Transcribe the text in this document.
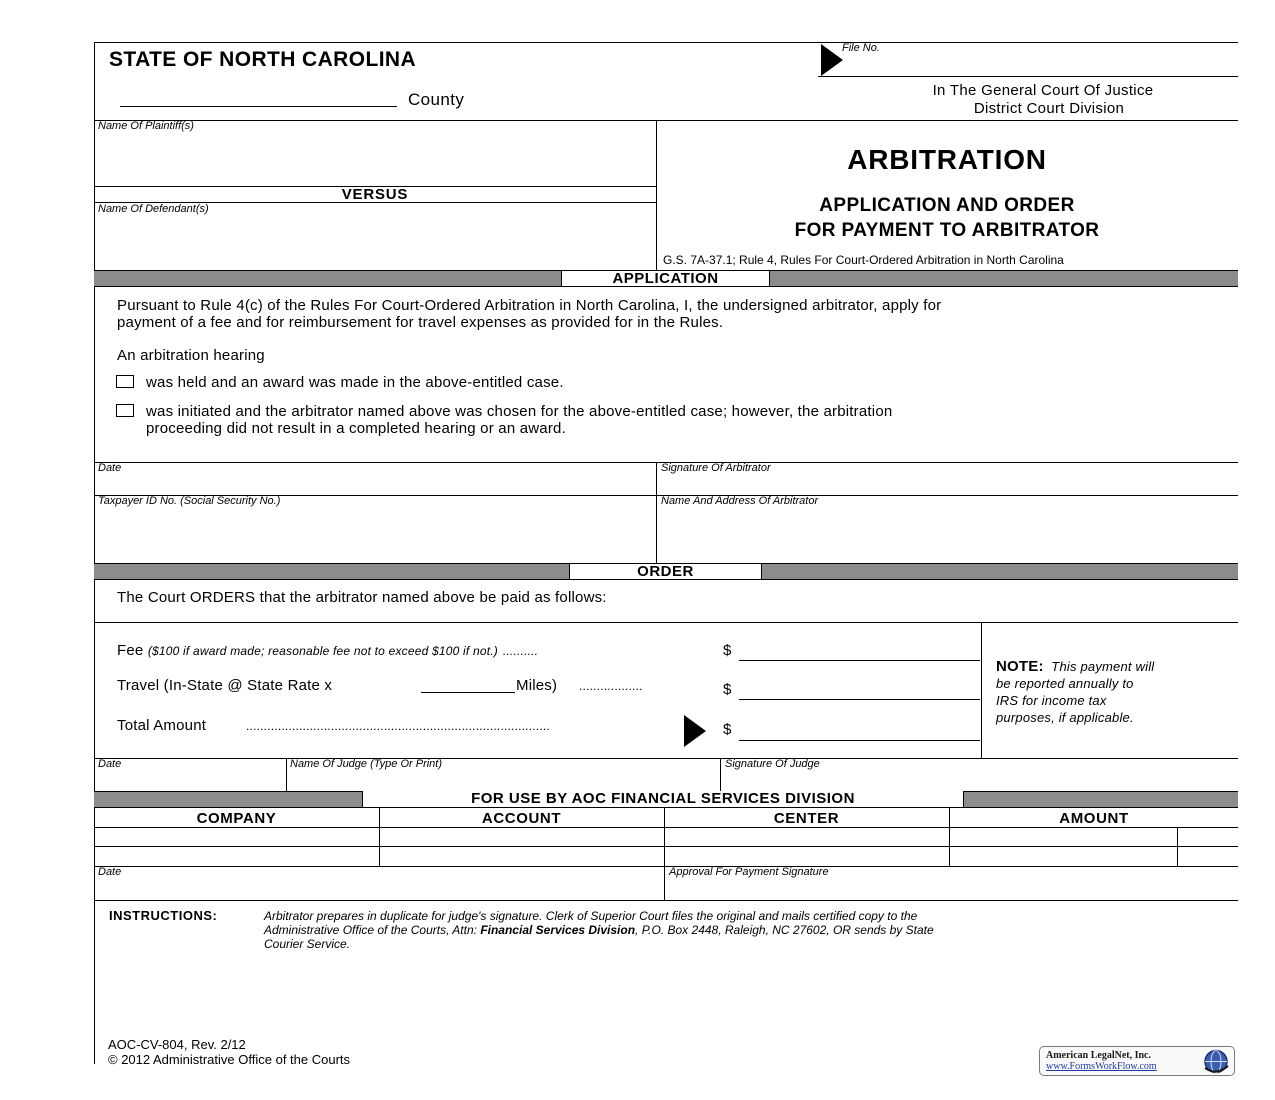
STATE OF NORTH CAROLINA
County
File No.
In The General Court Of Justice
District Court Division
Name Of Plaintiff(s)
VERSUS
Name Of Defendant(s)
ARBITRATION
APPLICATION AND ORDER
FOR PAYMENT TO ARBITRATOR
G.S. 7A-37.1; Rule 4, Rules For Court-Ordered Arbitration in North Carolina
APPLICATION
Pursuant to Rule 4(c) of the Rules For Court-Ordered Arbitration in North Carolina, I, the undersigned arbitrator, apply for
payment of a fee and for reimbursement for travel expenses as provided for in the Rules.
An arbitration hearing
was held and an award was made in the above-entitled case.
was initiated and the arbitrator named above was chosen for the above-entitled case; however, the arbitration
proceeding did not result in a completed hearing or an award.
Date	Signature Of Arbitrator
Taxpayer ID No. (Social Security No.)	Name And Address Of Arbitrator
ORDER
The Court ORDERS that the arbitrator named above be paid as follows:
Fee ($100 if award made; reasonable fee not to exceed $100 if not.) ..........	$
Travel (In-State @ State Rate x	Miles) ..................	$
Total Amount	......................................................................................	$
NOTE: This payment will
be reported annually to
IRS for income tax
purposes, if applicable.
Date	Name Of Judge (Type Or Print)	Signature Of Judge
FOR USE BY AOC FINANCIAL SERVICES DIVISION
COMPANY	ACCOUNT	CENTER	AMOUNT
Date	Approval For Payment Signature
INSTRUCTIONS:	Arbitrator prepares in duplicate for judge's signature. Clerk of Superior Court files the original and mails certified copy to the
Administrative Office of the Courts, Attn: Financial Services Division, P.O. Box 2448, Raleigh, NC 27602, OR sends by State
Courier Service.
AOC-CV-804, Rev. 2/12
© 2012 Administrative Office of the Courts	American LegalNet, Inc.
www.FormsWorkFlow.com
